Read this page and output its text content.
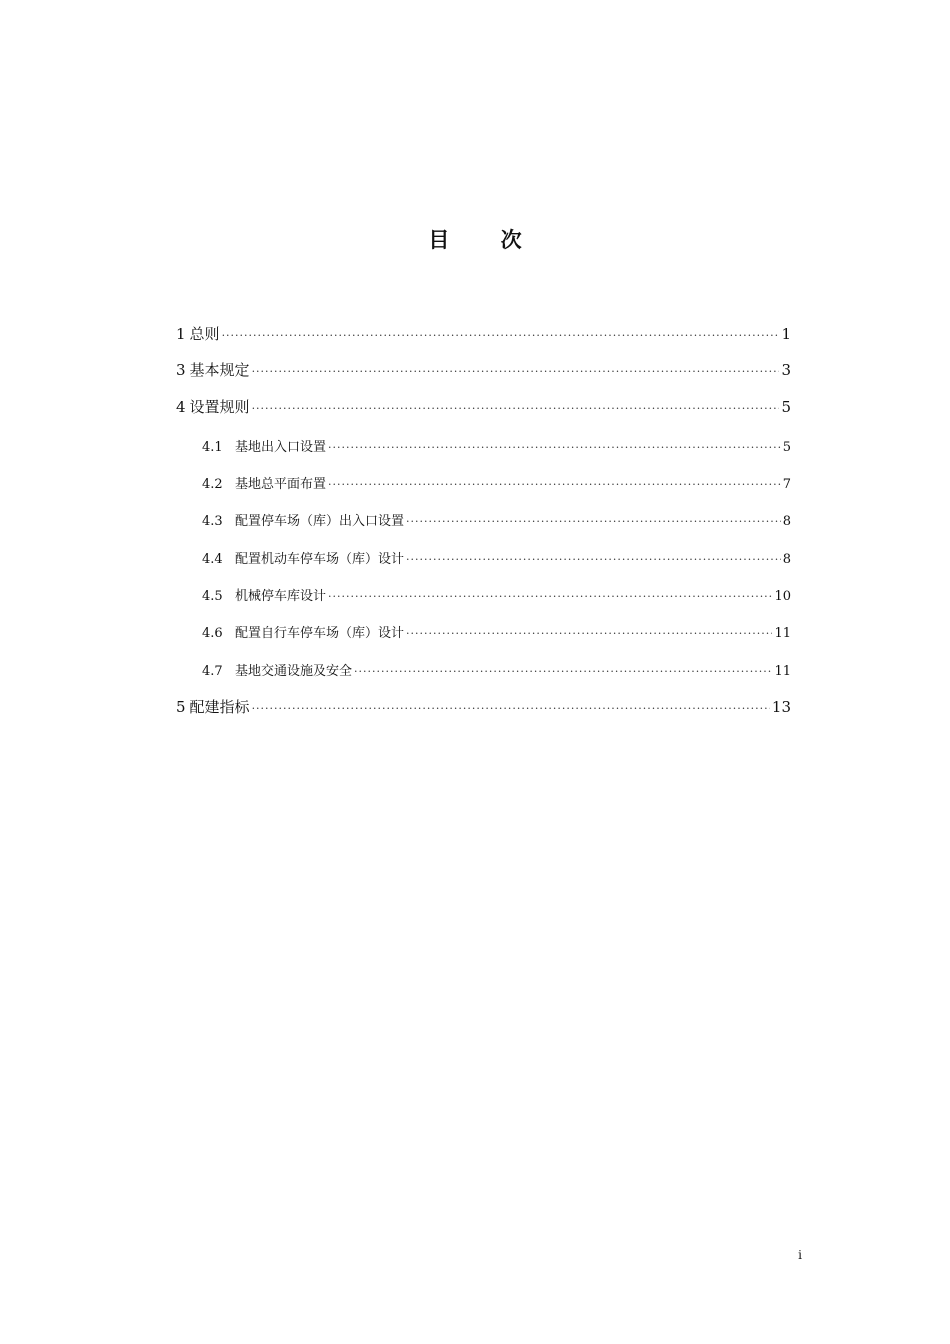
目 次
1 总则 ·····	1
3 基本规定 ·····	3
4 设置规则 ·····	5
4.1 基地出入口设置 ·····	5
4.2 基地总平面布置 ·····	7
4.3 配置停车场（库）出入口设置 ·····	8
4.4 配置机动车停车场（库）设计 ·····	8
4.5 机械停车库设计 ·····	10
4.6 配置自行车停车场（库）设计 ·····	11
4.7 基地交通设施及安全 ·····	11
5 配建指标 ·····	13
i
